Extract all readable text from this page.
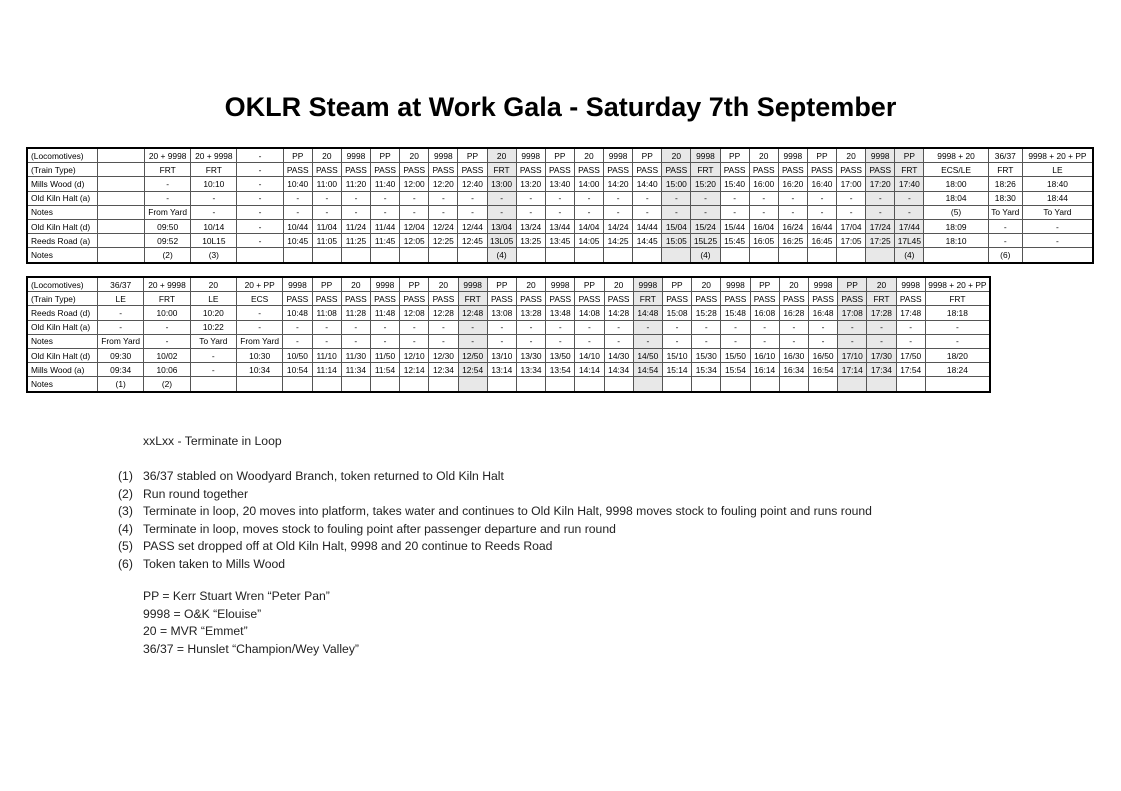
OKLR Steam at Work Gala - Saturday 7th September
(Locomotives)		20 + 9998	20 + 9998	-	PP	20	9998	PP	20	9998	PP	20	9998	PP	20	9998	PP	20	9998	PP	20	9998	PP	20	9998	PP	9998 + 20	36/37	9998 + 20 + PP
(Train Type)		FRT	FRT	-	PASS	PASS	PASS	PASS	PASS	PASS	PASS	FRT	PASS	PASS	PASS	PASS	PASS	PASS	FRT	PASS	PASS	PASS	PASS	PASS	PASS	FRT	ECS/LE	FRT	LE
Mills Wood (d)		-	10:10	-	10:40	11:00	11:20	11:40	12:00	12:20	12:40	13:00	13:20	13:40	14:00	14:20	14:40	15:00	15:20	15:40	16:00	16:20	16:40	17:00	17:20	17:40	18:00	18:26	18:40
Old Kiln Halt (a)		-	-	-	-	-	-	-	-	-	-	-	-	-	-	-	-	-	-	-	-	-	-	-	-	-	18:04	18:30	18:44
Notes		From Yard	-	-	-	-	-	-	-	-	-	-	-	-	-	-	-	-	-	-	-	-	-	-	-	-	(5)	To Yard	To Yard
Old Kiln Halt (d)		09:50	10/14	-	10/44	11/04	11/24	11/44	12/04	12/24	12/44	13/04	13/24	13/44	14/04	14/24	14/44	15/04	15/24	15/44	16/04	16/24	16/44	17/04	17/24	17/44	18:09	-	-
Reeds Road (a)		09:52	10L15	-	10:45	11:05	11:25	11:45	12:05	12:25	12:45	13L05	13:25	13:45	14:05	14:25	14:45	15:05	15L25	15:45	16:05	16:25	16:45	17:05	17:25	17L45	18:10	-	-
Notes		(2)	(3)									(4)							(4)							(4)		(6)	
(Locomotives)	36/37	20 + 9998	20	20 + PP	9998	PP	20	9998	PP	20	9998	PP	20	9998	PP	20	9998	PP	20	9998	PP	20	9998	PP	20	9998	9998 + 20 + PP
(Train Type)	LE	FRT	LE	ECS	PASS	PASS	PASS	PASS	PASS	PASS	FRT	PASS	PASS	PASS	PASS	PASS	FRT	PASS	PASS	PASS	PASS	PASS	PASS	PASS	FRT	PASS	FRT
Reeds Road (d)	-	10:00	10:20	-	10:48	11:08	11:28	11:48	12:08	12:28	12:48	13:08	13:28	13:48	14:08	14:28	14:48	15:08	15:28	15:48	16:08	16:28	16:48	17:08	17:28	17:48	18:18
Old Kiln Halt (a)	-	-	10:22	-	-	-	-	-	-	-	-	-	-	-	-	-	-	-	-	-	-	-	-	-	-	-	-
Notes	From Yard	-	To Yard	From Yard	-	-	-	-	-	-	-	-	-	-	-	-	-	-	-	-	-	-	-	-	-	-	-
Old Kiln Halt (d)	09:30	10/02	-	10:30	10/50	11/10	11/30	11/50	12/10	12/30	12/50	13/10	13/30	13/50	14/10	14/30	14/50	15/10	15/30	15/50	16/10	16/30	16/50	17/10	17/30	17/50	18/20
Mills Wood (a)	09:34	10:06	-	10:34	10:54	11:14	11:34	11:54	12:14	12:34	12:54	13:14	13:34	13:54	14:14	14:34	14:54	15:14	15:34	15:54	16:14	16:34	16:54	17:14	17:34	17:54	18:24
Notes	(1)	(2)																									
xxLxx - Terminate in Loop
(1) 36/37 stabled on Woodyard Branch, token returned to Old Kiln Halt
(2) Run round together
(3) Terminate in loop, 20 moves into platform, takes water and continues to Old Kiln Halt, 9998 moves stock to fouling point and runs round
(4) Terminate in loop, moves stock to fouling point after passenger departure and run round
(5) PASS set dropped off at Old Kiln Halt, 9998 and 20 continue to Reeds Road
(6) Token taken to Mills Wood
PP = Kerr Stuart Wren “Peter Pan”
9998 = O&K “Elouise”
20 = MVR “Emmet”
36/37 = Hunslet “Champion/Wey Valley”
